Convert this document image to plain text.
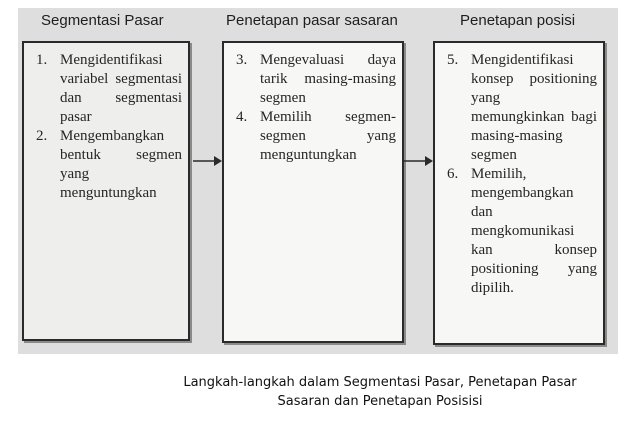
Segmentasi Pasar	Penetapan pasar sasaran	Penetapan posisi
1. Mengidentifikasi variabel segmentasi dan segmentasi pasar
2. Mengembangkan bentuk segmen yang menguntungkan
3. Mengevaluasi daya tarik masing-masing segmen
4. Memilih segmen-segmen yang menguntungkan
5. Mengidentifikasi konsep positioning yang memungkinkan bagi masing-masing segmen
6. Memilih, mengembangkan dan mengkomunikasi kan konsep positioning yang dipilih.
Langkah-langkah dalam Segmentasi Pasar, Penetapan Pasar
Sasaran dan Penetapan Posisisi
